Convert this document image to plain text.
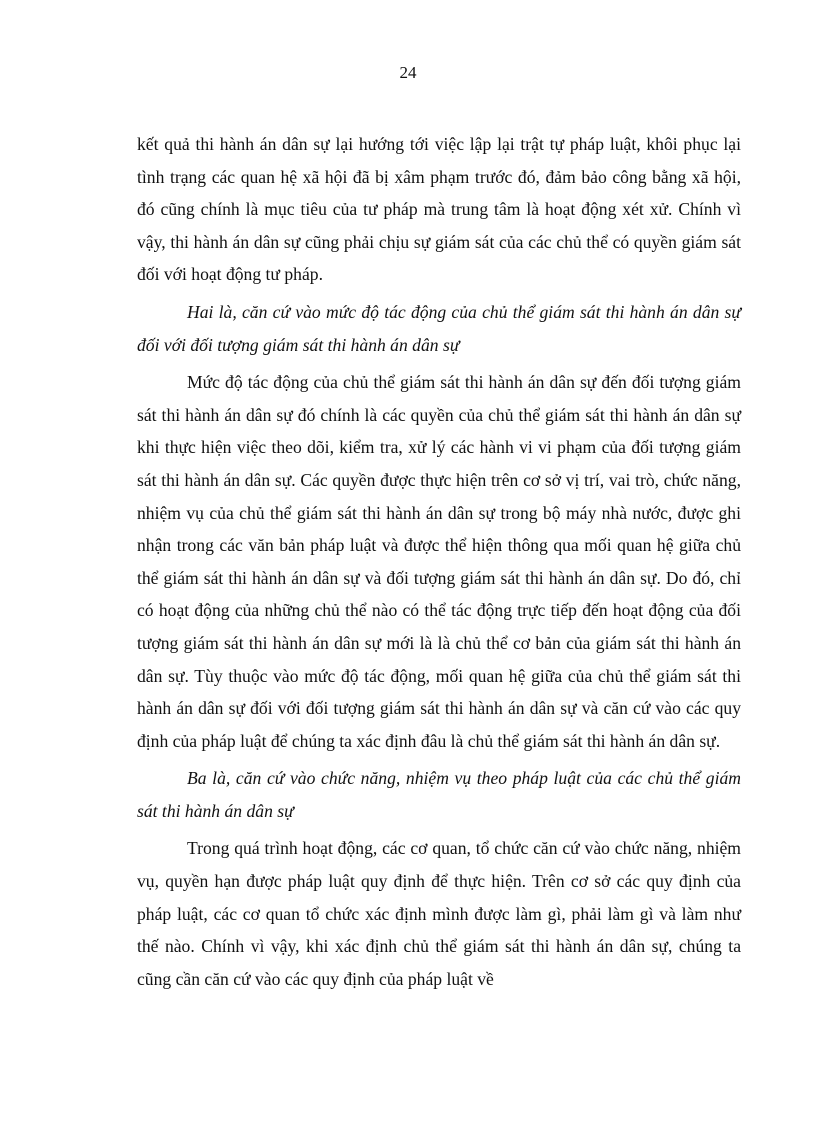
24

kết quả thi hành án dân sự lại hướng tới việc lập lại trật tự pháp luật, khôi phục lại tình trạng các quan hệ xã hội đã bị xâm phạm trước đó, đảm bảo công bằng xã hội, đó cũng chính là mục tiêu của tư pháp mà trung tâm là hoạt động xét xử. Chính vì vậy, thi hành án dân sự cũng phải chịu sự giám sát của các chủ thể có quyền giám sát đối với hoạt động tư pháp.

Hai là, căn cứ vào mức độ tác động của chủ thể giám sát thi hành án dân sự đối với đối tượng giám sát thi hành án dân sự

Mức độ tác động của chủ thể giám sát thi hành án dân sự đến đối tượng giám sát thi hành án dân sự đó chính là các quyền của chủ thể giám sát thi hành án dân sự khi thực hiện việc theo dõi, kiểm tra, xử lý các hành vi vi phạm của đối tượng giám sát thi hành án dân sự. Các quyền được thực hiện trên cơ sở vị trí, vai trò, chức năng, nhiệm vụ của chủ thể giám sát thi hành án dân sự trong bộ máy nhà nước, được ghi nhận trong các văn bản pháp luật và được thể hiện thông qua mối quan hệ giữa chủ thể giám sát thi hành án dân sự và đối tượng giám sát thi hành án dân sự. Do đó, chỉ có hoạt động của những chủ thể nào có thể tác động trực tiếp đến hoạt động của đối tượng giám sát thi hành án dân sự mới là là chủ thể cơ bản của giám sát thi hành án dân sự. Tùy thuộc vào mức độ tác động, mối quan hệ giữa của chủ thể giám sát thi hành án dân sự đối với đối tượng giám sát thi hành án dân sự và căn cứ vào các quy định của pháp luật để chúng ta xác định đâu là chủ thể giám sát thi hành án dân sự.

Ba là, căn cứ vào chức năng, nhiệm vụ theo pháp luật của các chủ thể giám sát thi hành án dân sự

Trong quá trình hoạt động, các cơ quan, tổ chức căn cứ vào chức năng, nhiệm vụ, quyền hạn được pháp luật quy định để thực hiện. Trên cơ sở các quy định của pháp luật, các cơ quan tổ chức xác định mình được làm gì, phải làm gì và làm như thế nào. Chính vì vậy, khi xác định chủ thể giám sát thi hành án dân sự, chúng ta cũng cần căn cứ vào các quy định của pháp luật về
